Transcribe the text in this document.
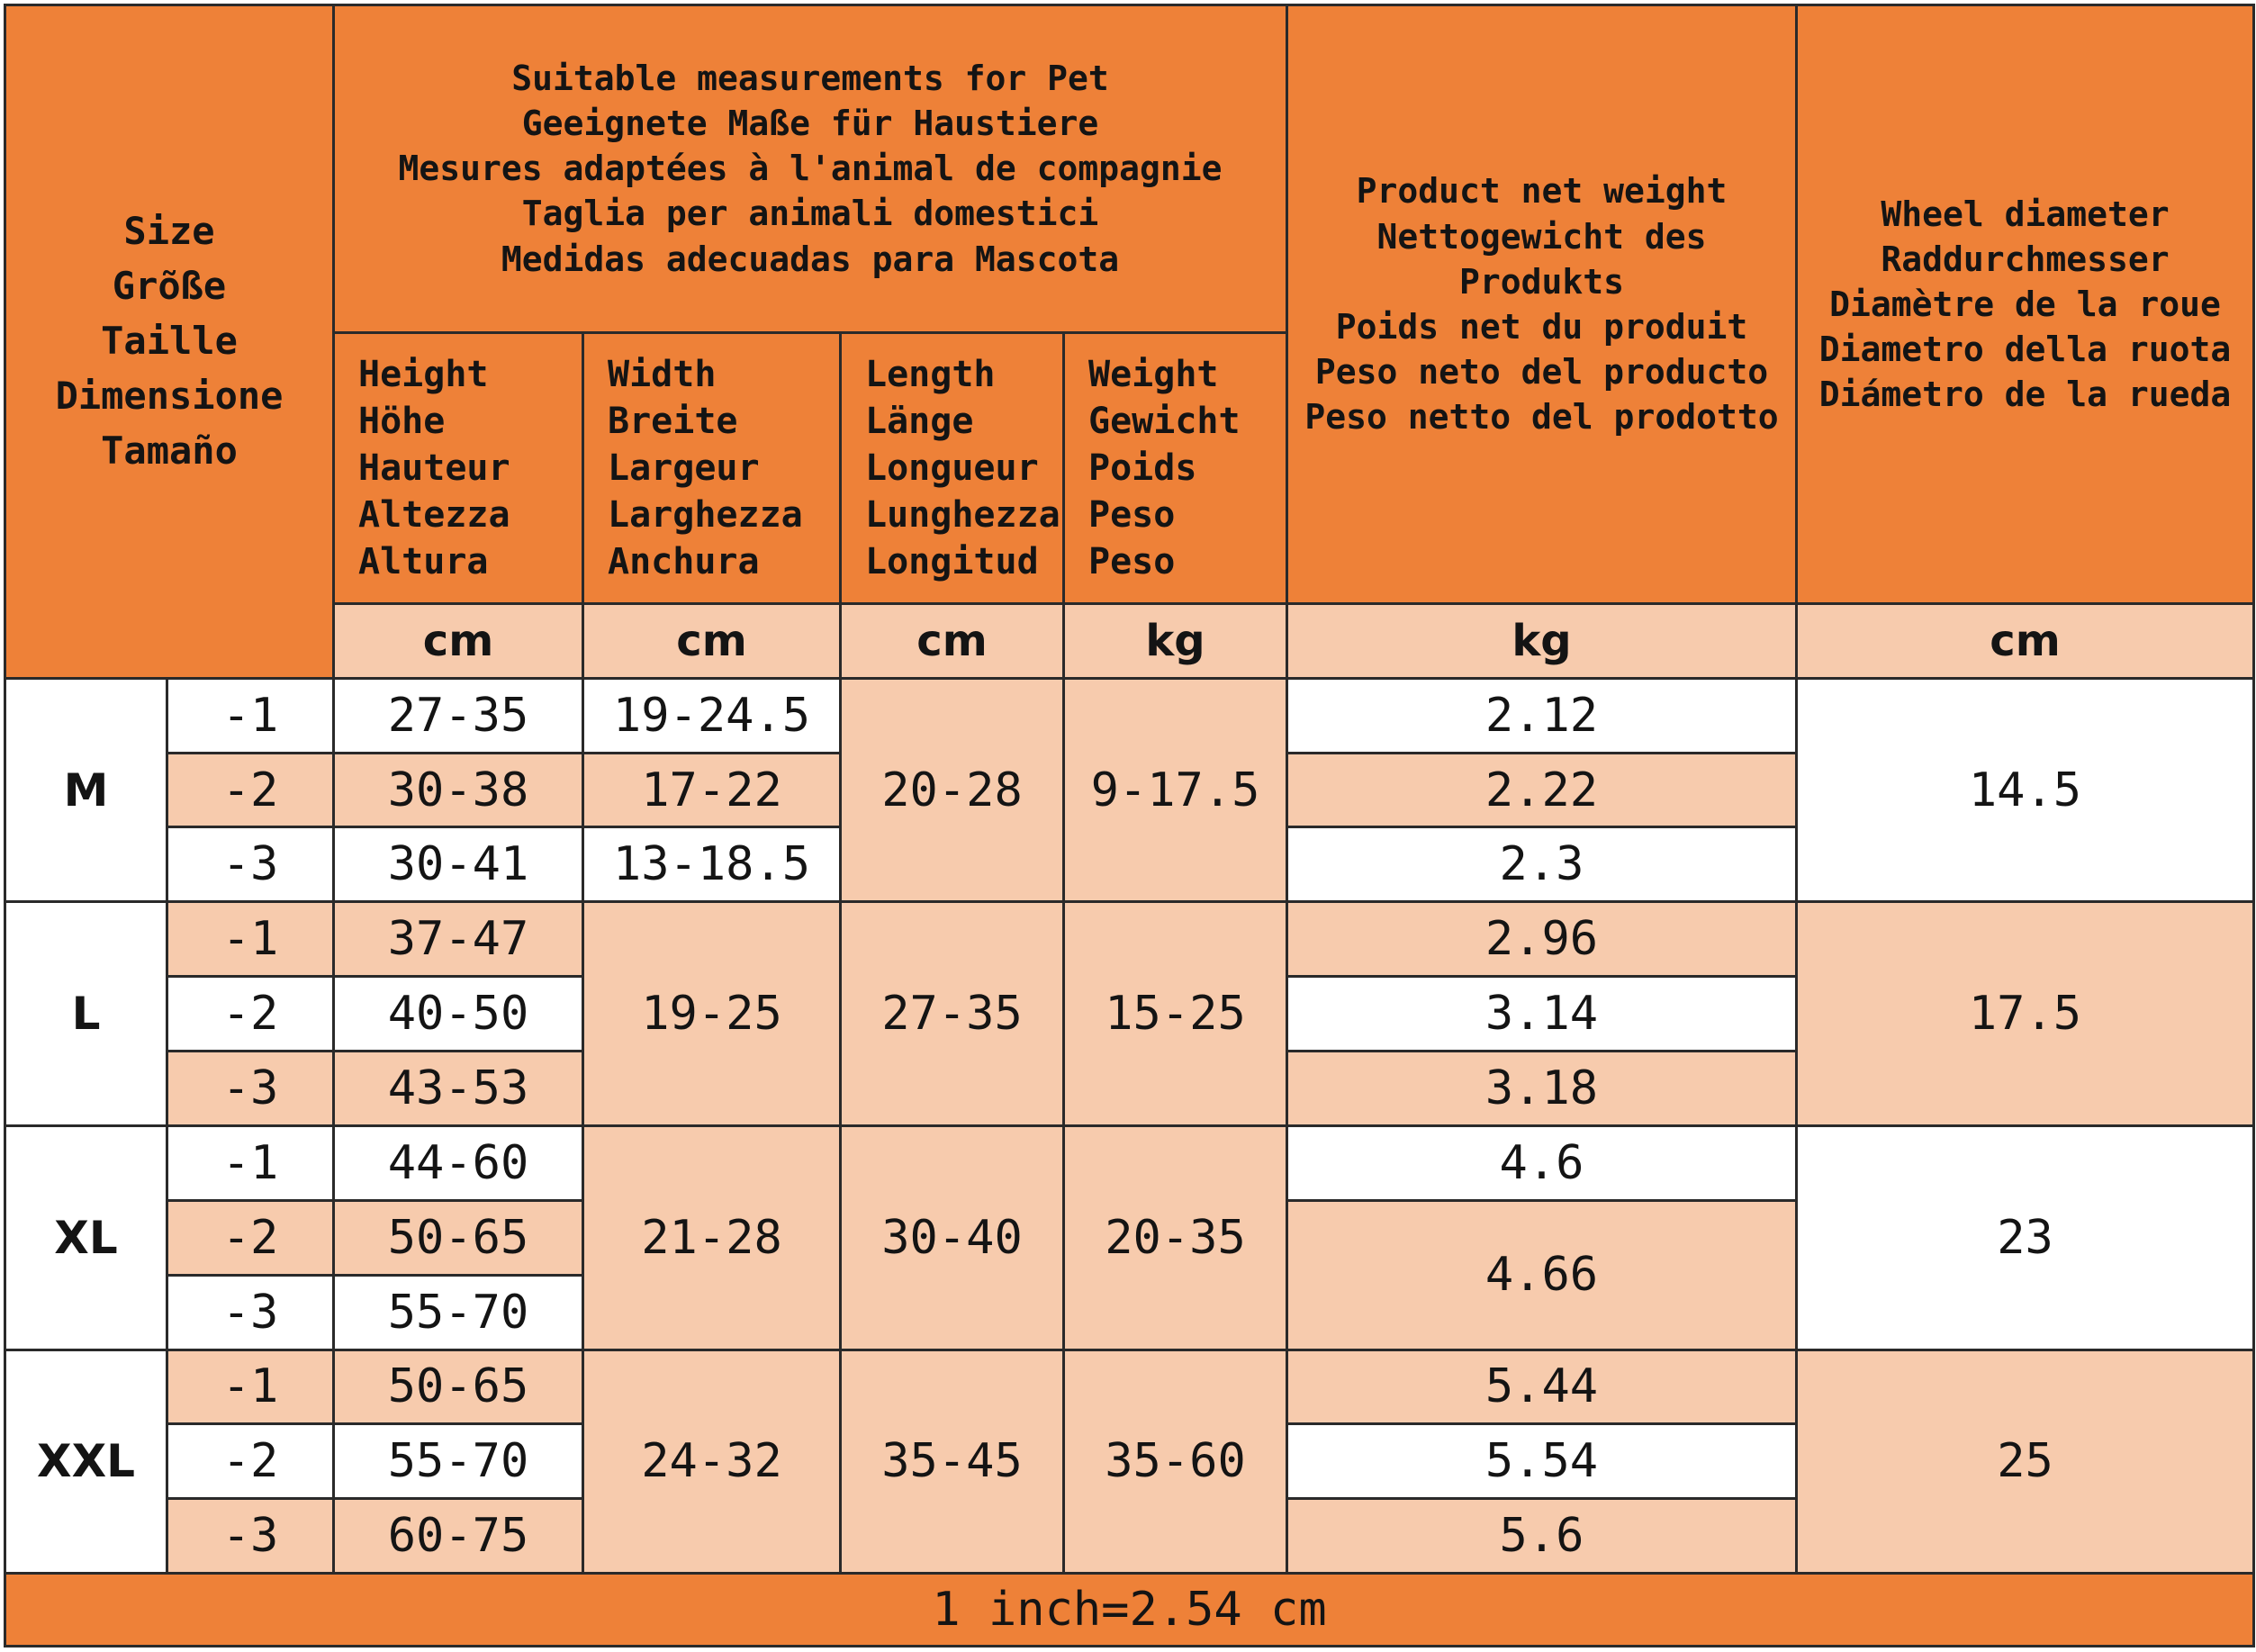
Size
Grõße
Taille
Dimensione
Tamaño		Suitable measurements for Pet
Geeignete Maße für Haustiere
Mesures adaptées à l'animal de compagnie
Taglia per animali domestici
Medidas adecuadas para Mascota				Product net weight
Nettogewicht des Produkts
Poids net du produit
Peso neto del producto
Peso netto del prodotto	Wheel diameter
Raddurchmesser
Diamètre de la roue
Diametro della ruota
Diámetro de la rueda
		Height
Höhe
Hauteur
Altezza
Altura	Width
Breite
Largeur
Larghezza
Anchura	Length
Länge
Longueur
Lunghezza
Longitud	Weight
Gewicht
Poids
Peso
Peso		
		cm	cm	cm	kg	kg	cm
M	-1	27-35	19-24.5	20-28	9-17.5	2.12	14.5
	-2	30-38	17-22			2.22	
	-3	30-41	13-18.5			2.3	
L	-1	37-47	19-25	27-35	15-25	2.96	17.5
	-2	40-50				3.14	
	-3	43-53				3.18	
XL	-1	44-60	21-28	30-40	20-35	4.6	23
	-2	50-65				4.66	
	-3	55-70					
XXL	-1	50-65	24-32	35-45	35-60	5.44	25
	-2	55-70				5.54	
	-3	60-75				5.6	
1 inch=2.54 cm							
